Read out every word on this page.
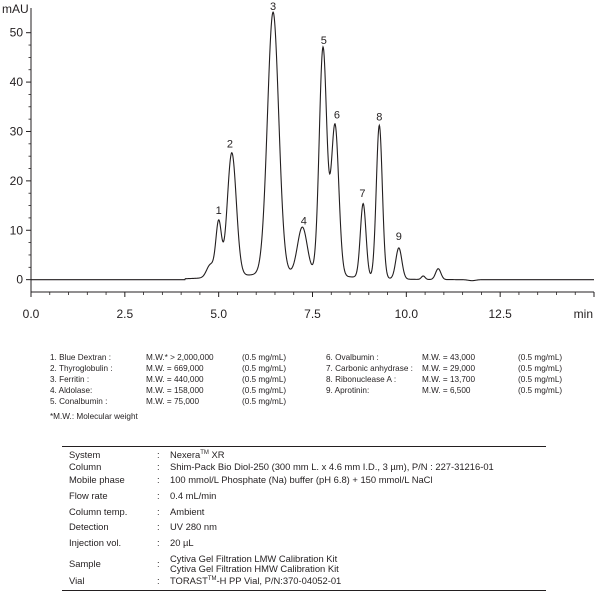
mAU
min
0
10
20
30
40
50
0.0	2.5	5.0	7.5	10.0	12.5
1
2
3
4
5
6
7
8
9
1. Blue Dextran :	M.W.* > 2,000,000	(0.5 mg/mL)
2. Thyroglobulin :	M.W. = 669,000	(0.5 mg/mL)
3. Ferritin :	M.W. = 440,000	(0.5 mg/mL)
4. Aldolase:	M.W. = 158,000	(0.5 mg/mL)
5. Conalbumin :	M.W. = 75,000	(0.5 mg/mL)
6. Ovalbumin :	M.W. = 43,000	(0.5 mg/mL)
7. Carbonic anhydrase : M.W. = 29,000	(0.5 mg/mL)
8. Ribonuclease A :	M.W. = 13,700	(0.5 mg/mL)
9. Aprotinin:	M.W. = 6,500	(0.5 mg/mL)
*M.W.: Molecular weight
System	: Nexera™ XR
Column	: Shim-Pack Bio Diol-250 (300 mm L. x 4.6 mm I.D., 3 µm), P/N : 227-31216-01
Mobile phase	: 100 mmol/L Phosphate (Na) buffer (pH 6.8) + 150 mmol/L NaCl
Flow rate	: 0.4 mL/min
Column temp.	: Ambient
Detection	: UV 280 nm
Injection vol.	: 20 µL
Sample	: Cytiva Gel Filtration LMW Calibration Kit
Cytiva Gel Filtration HMW Calibration Kit
Vial	: TORAST™-H PP Vial, P/N:370-04052-01
